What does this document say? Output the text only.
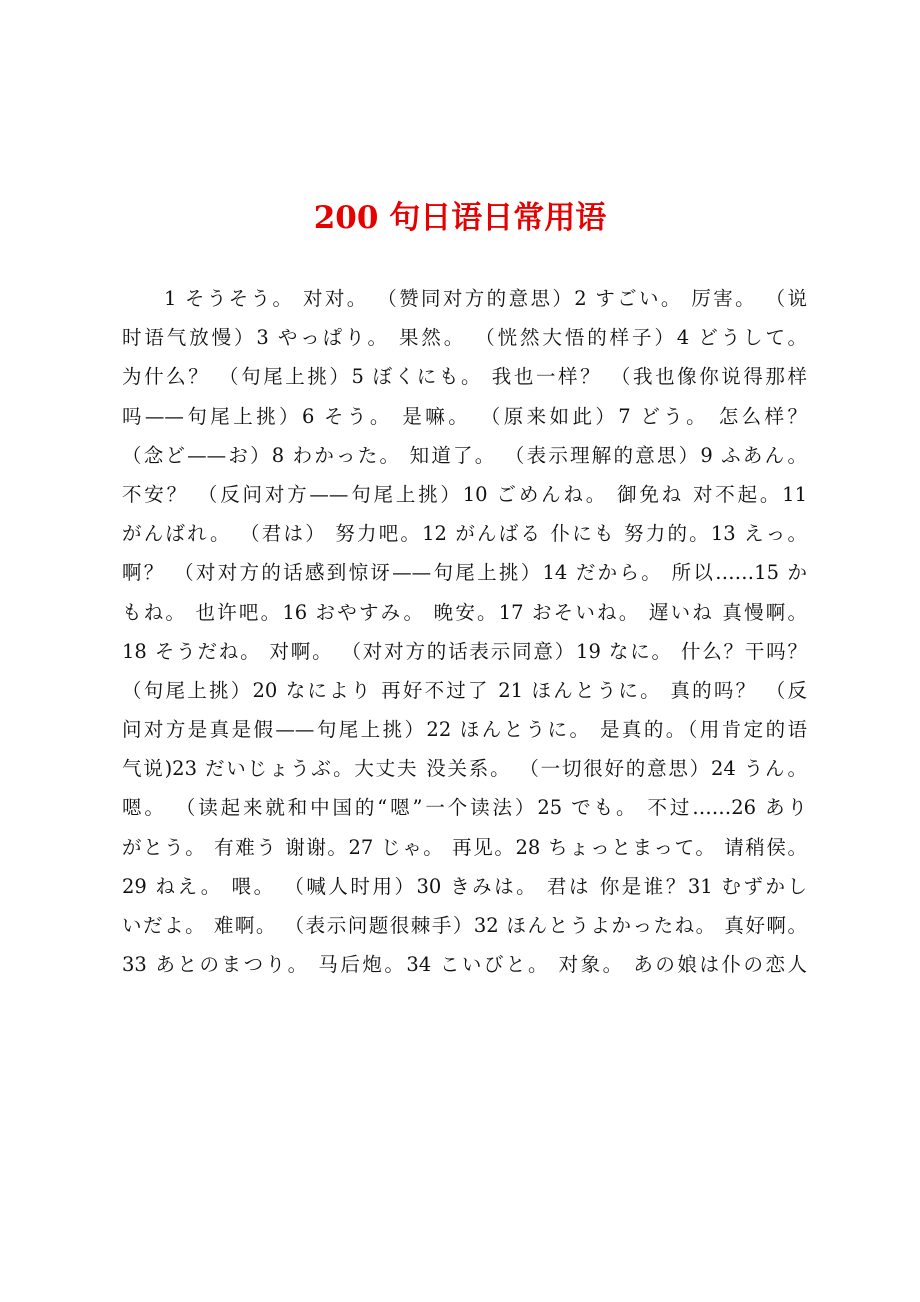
200 句日语日常用语
1 そうそう。 对对。 （赞同对方的意思）2 すごい。 厉害。 （说
时语气放慢）3 やっぱり。 果然。 （恍然大悟的样子）4 どうして。
为什么？ （句尾上挑）5 ぼくにも。 我也一样？ （我也像你说得那样
吗——句尾上挑）6 そう。 是嘛。 （原来如此）7 どう。 怎么样？
（念ど——お）8 わかった。 知道了。 （表示理解的意思）9 ふあん。
不安？ （反问对方——句尾上挑）10 ごめんね。 御免ね 对不起。11
がんばれ。 （君は） 努力吧。12 がんばる 仆にも 努力的。13 えっ。
啊？ （对对方的话感到惊讶——句尾上挑）14 だから。 所以……15 か
もね。 也许吧。16 おやすみ。 晚安。17 おそいね。 遅いね 真慢啊。
18 そうだね。 对啊。 （对对方的话表示同意）19 なに。 什么？干吗？
（句尾上挑）20 なにより 再好不过了 21 ほんとうに。 真的吗？ （反
问对方是真是假——句尾上挑）22 ほんとうに。 是真的。（用肯定的语
气说)23 だいじょうぶ。大丈夫 没关系。 （一切很好的意思）24 うん。
嗯。 （读起来就和中国的“嗯”一个读法）25 でも。 不过……26 あり
がとう。 有难う 谢谢。27 じゃ。 再见。28 ちょっとまって。 请稍侯。
29 ねえ。 喂。 （喊人时用）30 きみは。 君は 你是谁？31 むずかし
いだよ。 难啊。 （表示问题很棘手）32 ほんとうよかったね。 真好啊。
33 あとのまつり。 马后炮。34 こいびと。 对象。 あの娘は仆の恋人
